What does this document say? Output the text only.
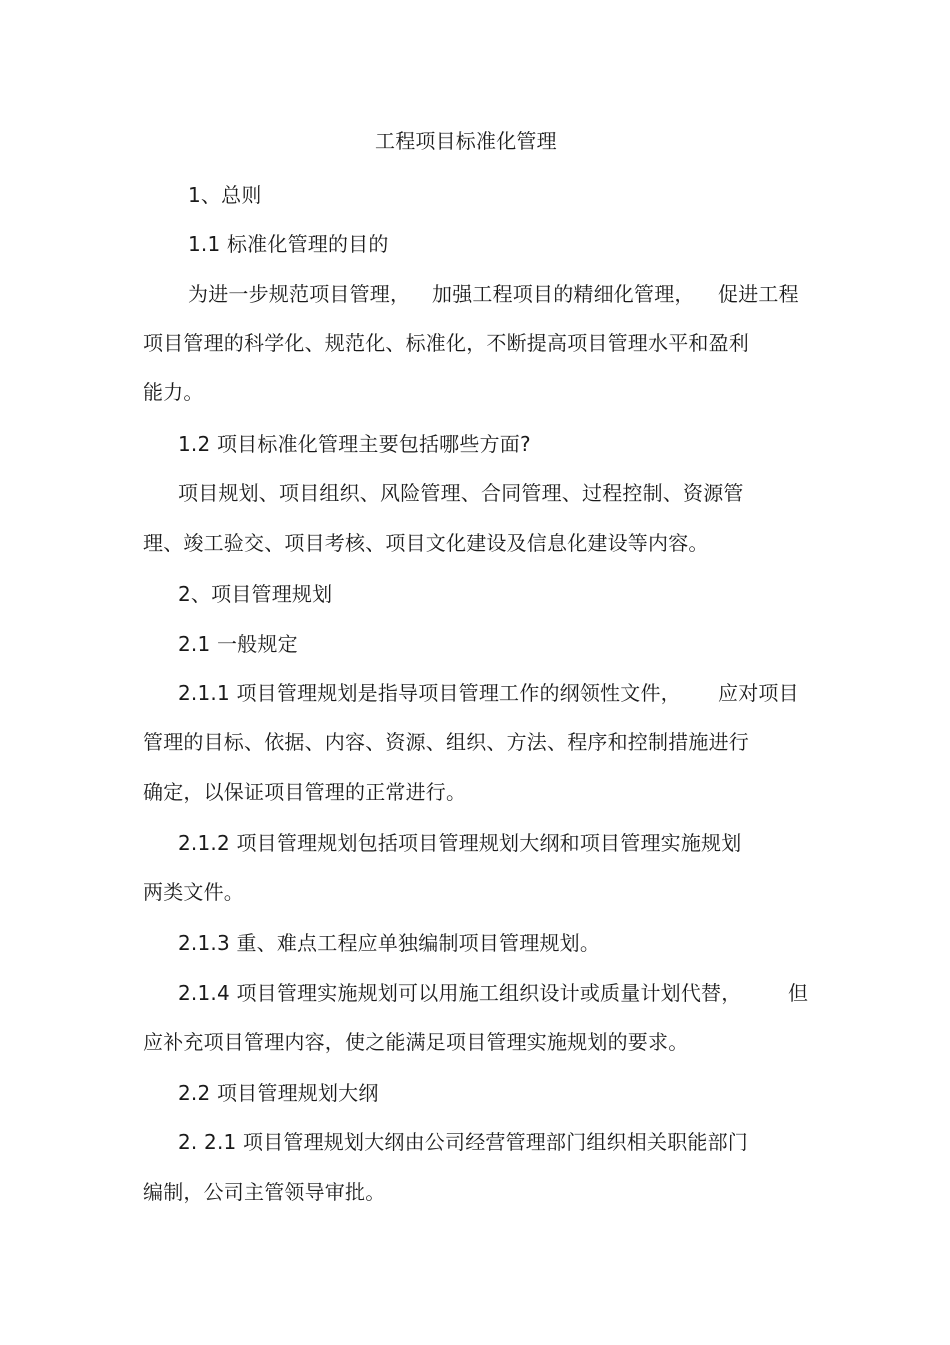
工程项目标准化管理

1、总则

1.1 标准化管理的目的

为进一步规范项目管理， 加强工程项目的精细化管理， 促进工程

项目管理的科学化、规范化、标准化，不断提高项目管理水平和盈利

能力。

1.2 项目标准化管理主要包括哪些方面?

项目规划、项目组织、风险管理、合同管理、过程控制、资源管

理、竣工验交、项目考核、项目文化建设及信息化建设等内容。

2、项目管理规划

2.1 一般规定

2.1.1 项目管理规划是指导项目管理工作的纲领性文件， 应对项目

管理的目标、依据、内容、资源、组织、方法、程序和控制措施进行

确定，以保证项目管理的正常进行。

2.1.2 项目管理规划包括项目管理规划大纲和项目管理实施规划

两类文件。

2.1.3 重、难点工程应单独编制项目管理规划。

2.1.4 项目管理实施规划可以用施工组织设计或质量计划代替， 但

应补充项目管理内容，使之能满足项目管理实施规划的要求。

2.2 项目管理规划大纲

2. 2.1 项目管理规划大纲由公司经营管理部门组织相关职能部门

编制，公司主管领导审批。
